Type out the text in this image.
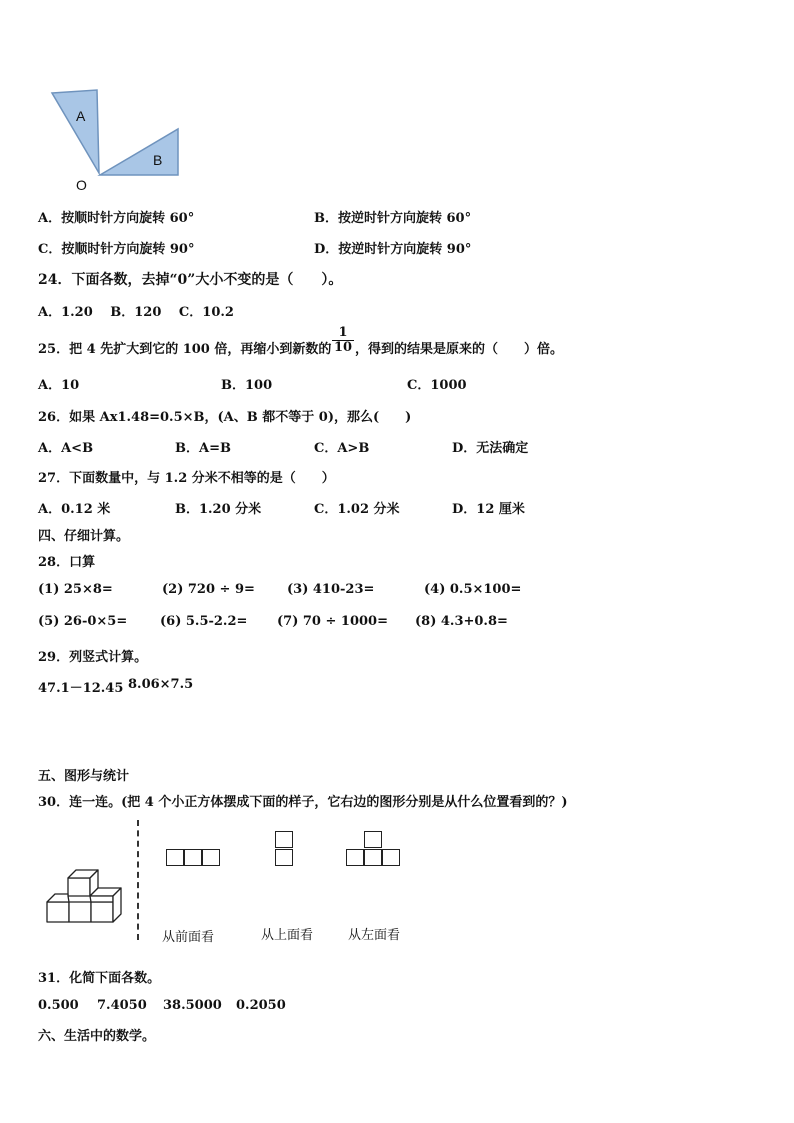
A
B
O
A．按顺时针方向旋转 60°	B．按逆时针方向旋转 60°
C．按顺时针方向旋转 90°	D．按逆时针方向旋转 90°
24．下面各数，去掉“0”大小不变的是（　　）。
A．1.20　 B．120　 C．10.2
25．把 4 先扩大到它的 100 倍，再缩小到新数的 $\frac{1}{10}$ ，得到的结果是原来的（　　）倍。
A．10	B．100	C．1000
26．如果 Ax1.48=0.5×B，(A、B 都不等于 0)，那么(　　)
A．A<B	B．A=B	C．A>B	D．无法确定
27．下面数量中，与 1.2 分米不相等的是（　　）
A．0.12 米	B．1.20 分米	C．1.02 分米	D．12 厘米
四、仔细计算。
28．口算
(1) 25×8=	(2) 720 ÷ 9= (3) 410-23=	(4) 0.5×100=
(5) 26-0×5=	(6) 5.5-2.2= (7) 70 ÷ 1000= (8) 4.3+0.8=
29．列竖式计算。
47.1－12.45 8.06×7.5
五、图形与统计
30．连一连。(把 4 个小正方体摆成下面的样子，它右边的图形分别是从什么位置看到的？)
从前面看	从上面看	从左面看
31．化简下面各数。
0.500 7.4050 38.5000 0.2050
六、生活中的数学。
